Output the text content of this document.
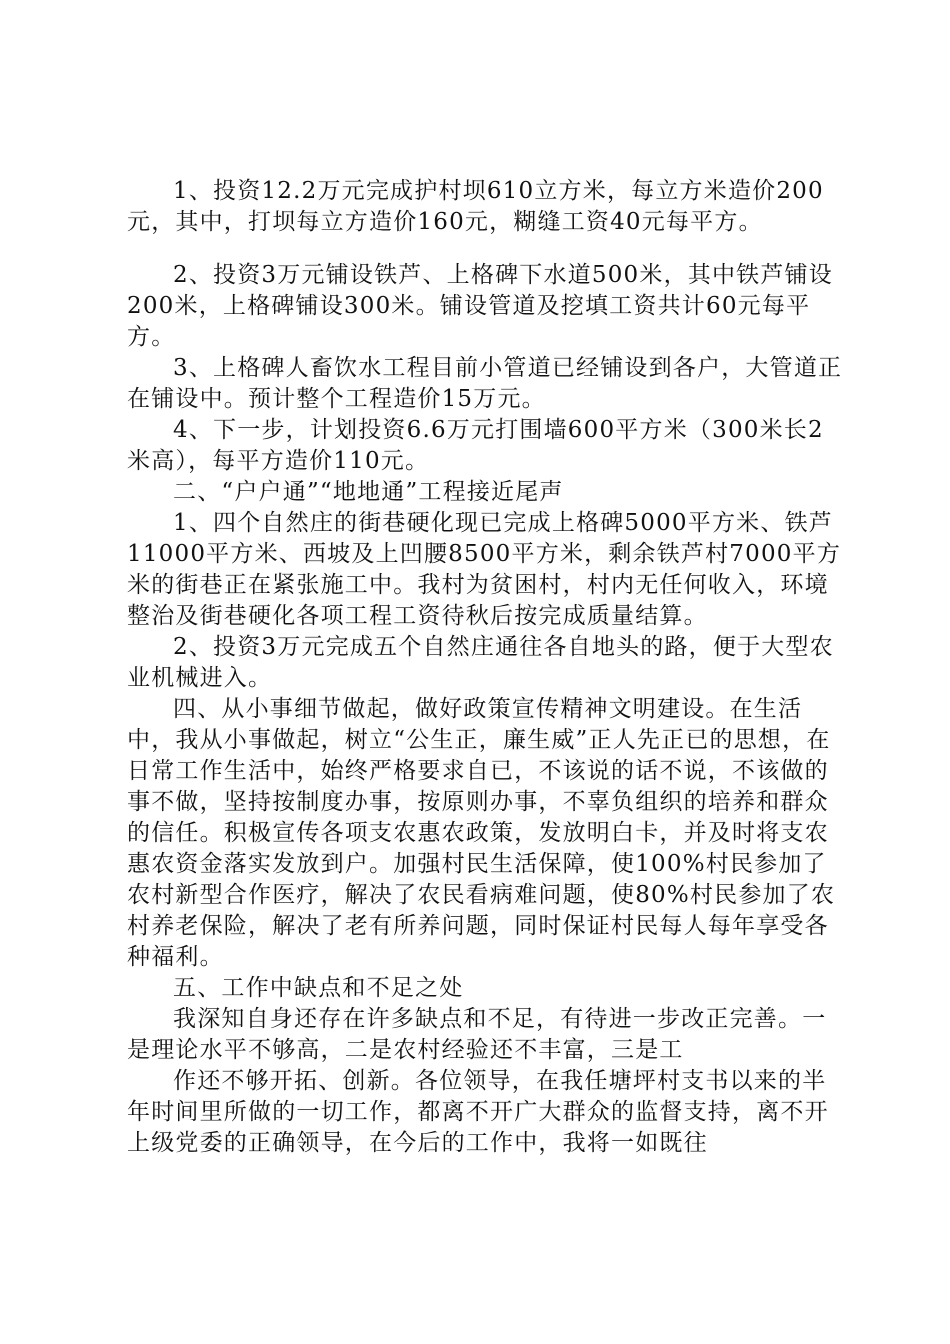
1、投资12.2万元完成护村坝610立方米，每立方米造价200元，其中，打坝每立方造价160元，糊缝工资40元每平方。

2、投资3万元铺设铁芦、上格碑下水道500米，其中铁芦铺设200米，上格碑铺设300米。铺设管道及挖填工资共计60元每平方。

3、上格碑人畜饮水工程目前小管道已经铺设到各户，大管道正在铺设中。预计整个工程造价15万元。

4、下一步，计划投资6.6万元打围墙600平方米（300米长2米高），每平方造价110元。

二、“户户通”“地地通”工程接近尾声

1、四个自然庄的街巷硬化现已完成上格碑5000平方米、铁芦11000平方米、西坡及上凹腰8500平方米，剩余铁芦村7000平方米的街巷正在紧张施工中。我村为贫困村，村内无任何收入，环境整治及街巷硬化各项工程工资待秋后按完成质量结算。

2、投资3万元完成五个自然庄通往各自地头的路，便于大型农业机械进入。

四、从小事细节做起，做好政策宣传精神文明建设。在生活中，我从小事做起，树立“公生正，廉生威”正人先正已的思想，在日常工作生活中，始终严格要求自已，不该说的话不说，不该做的事不做，坚持按制度办事，按原则办事，不辜负组织的培养和群众的信任。积极宣传各项支农惠农政策，发放明白卡，并及时将支农惠农资金落实发放到户。加强村民生活保障，使100%村民参加了农村新型合作医疗，解决了农民看病难问题，使80%村民参加了农村养老保险，解决了老有所养问题，同时保证村民每人每年享受各种福利。

五、工作中缺点和不足之处

我深知自身还存在许多缺点和不足，有待进一步改正完善。一是理论水平不够高，二是农村经验还不丰富，三是工

作还不够开拓、创新。各位领导，在我任塘坪村支书以来的半年时间里所做的一切工作，都离不开广大群众的监督支持，离不开上级党委的正确领导，在今后的工作中，我将一如既往
